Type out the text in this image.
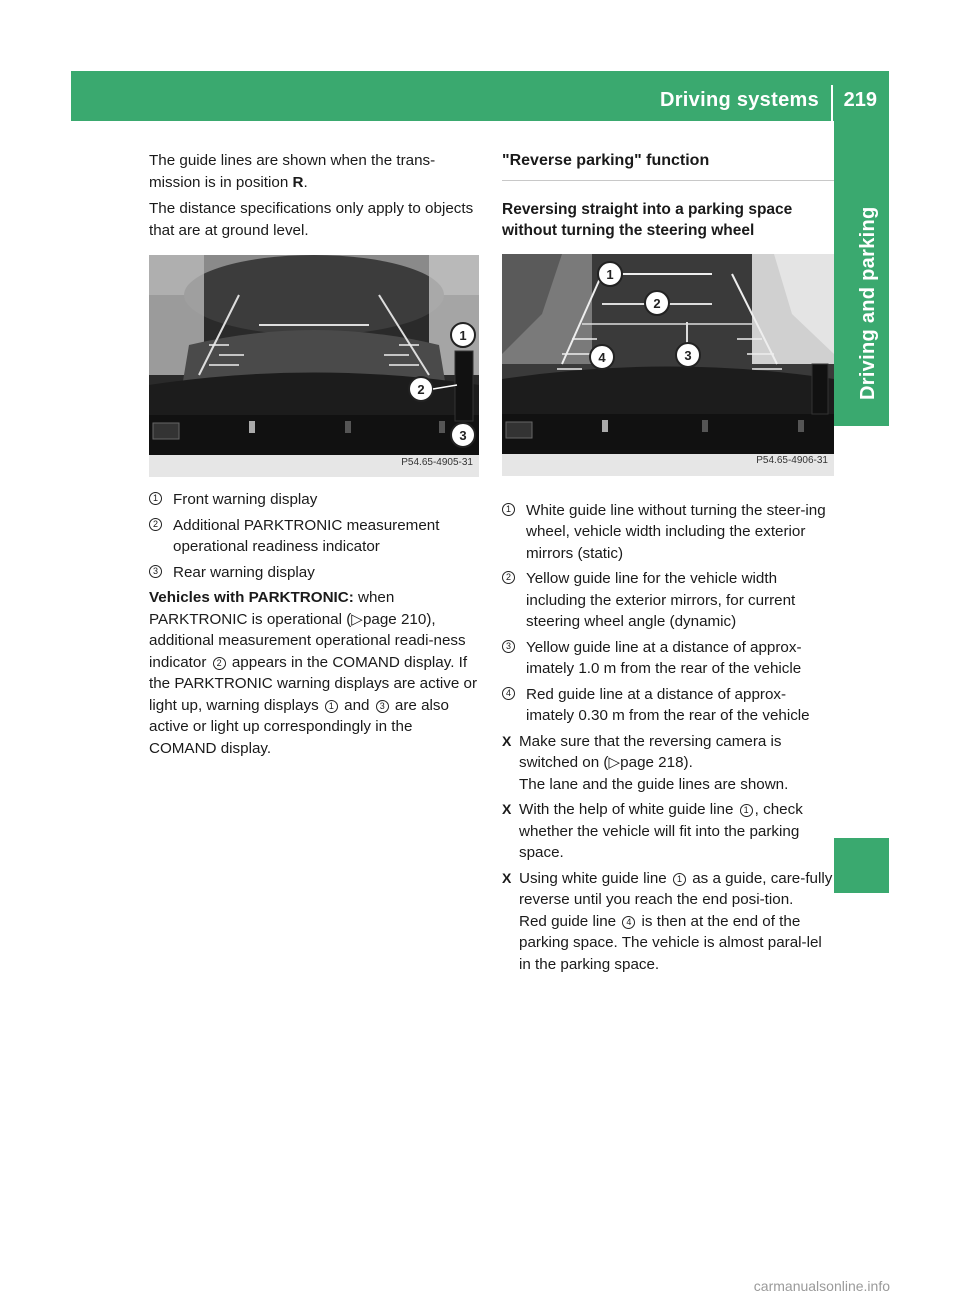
Driving systems 219
Driving and parking

The guide lines are shown when the trans-mission is in position R.

The distance specifications only apply to objects that are at ground level.

1
2
3
P54.65-4905-31
1 Front warning display
2 Additional PARKTRONIC measurement operational readiness indicator
3 Rear warning display

Vehicles with PARKTRONIC: when PARKTRONIC is operational (▷page 210), additional measurement operational readi-ness indicator 2 appears in the COMAND display. If the PARKTRONIC warning displays are active or light up, warning displays 1 and 3 are also active or light up correspondingly in the COMAND display.

"Reverse parking" function
Reversing straight into a parking space without turning the steering wheel
1
2
3
4
P54.65-4906-31
1 White guide line without turning the steer-ing wheel, vehicle width including the exterior mirrors (static)
2 Yellow guide line for the vehicle width including the exterior mirrors, for current steering wheel angle (dynamic)
3 Yellow guide line at a distance of approx-imately 1.0 m from the rear of the vehicle
4 Red guide line at a distance of approx-imately 0.30 m from the rear of the vehicle
X Make sure that the reversing camera is switched on (▷page 218).
The lane and the guide lines are shown.
X With the help of white guide line 1 , check whether the vehicle will fit into the parking space.
X Using white guide line 1 as a guide, care-fully reverse until you reach the end posi-tion.
Red guide line 4 is then at the end of the parking space. The vehicle is almost paral-lel in the parking space.
carmanualsonline.info
